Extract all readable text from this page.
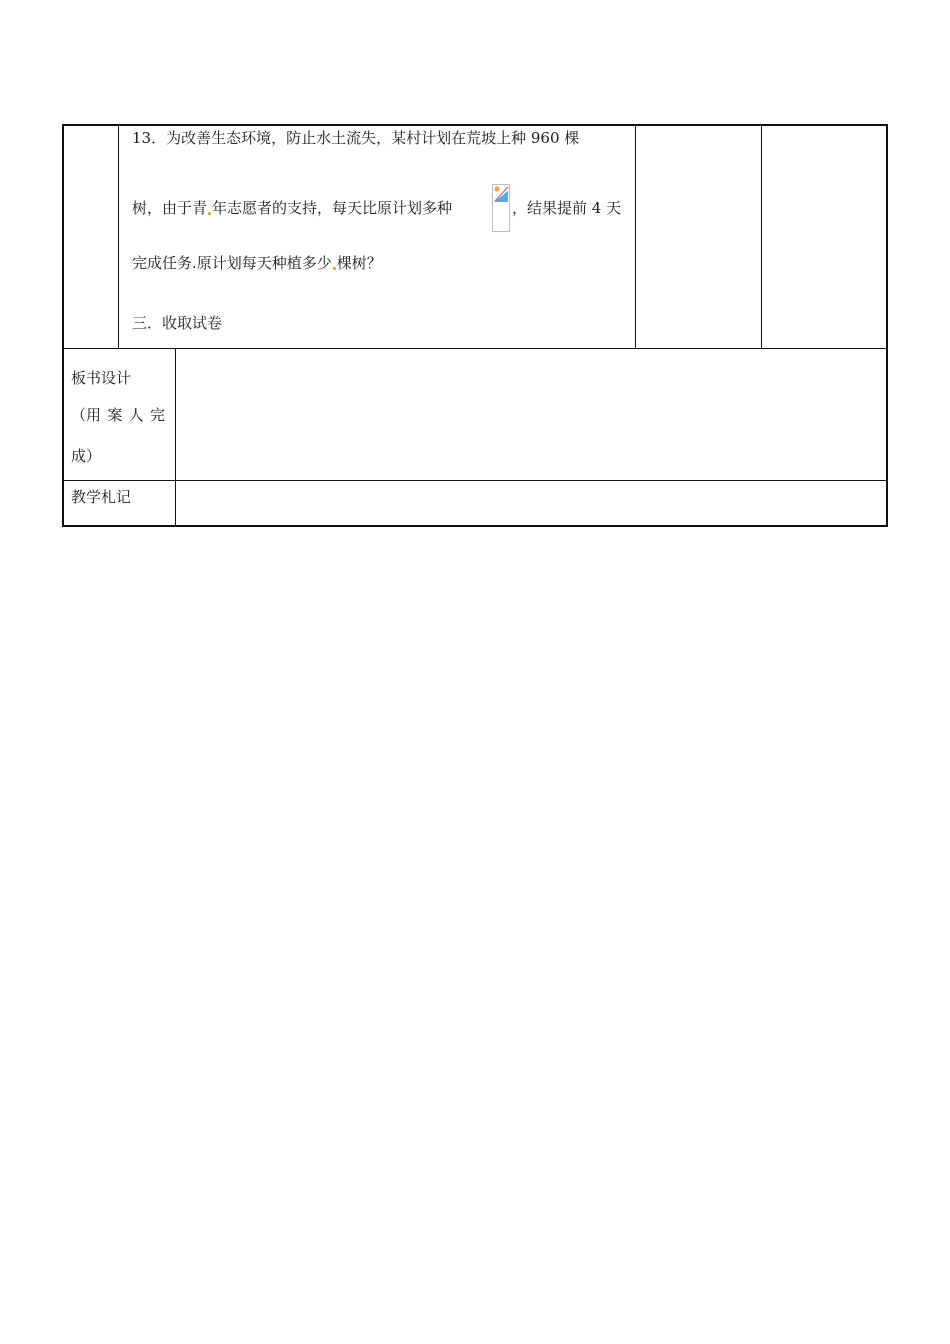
13．为改善生态环境，防止水土流失，某村计划在荒坡上种 960 棵
树，由于青 年志愿者的支持，每天比原计划多种	，结果提前 4 天
完成任务.原计划每天种植多少 棵树？
三．收取试卷
板书设计
（用 案 人 完
成）
教学札记
